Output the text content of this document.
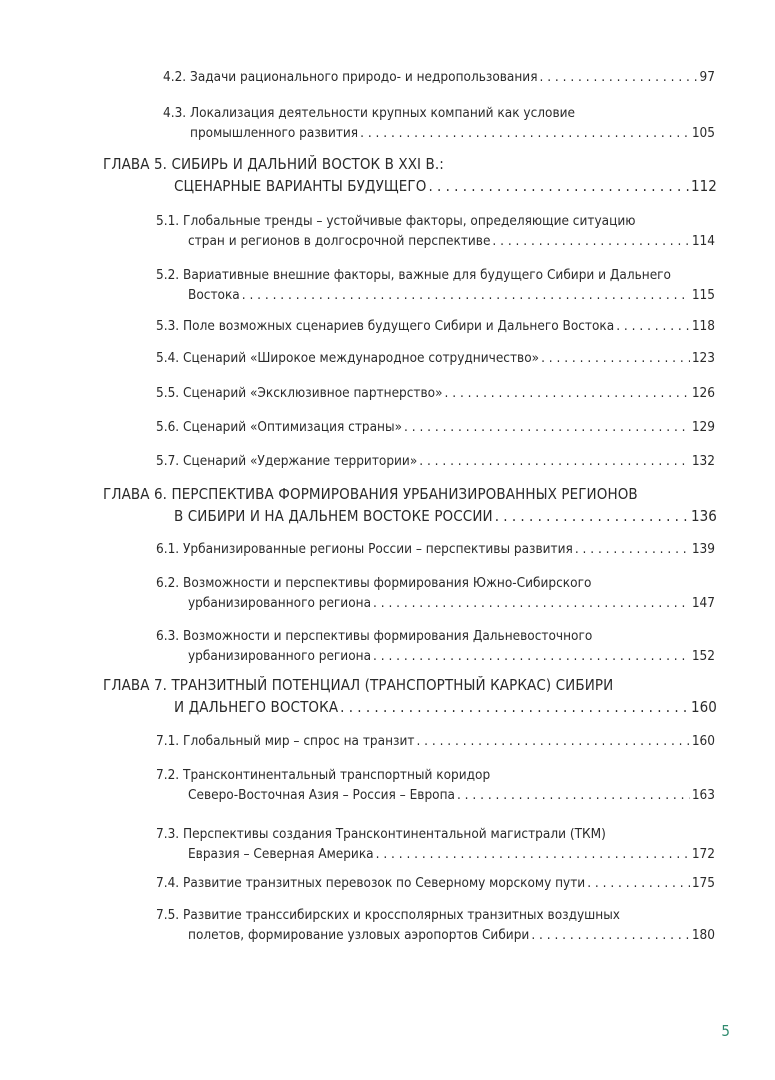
4.2. Задачи рационального природо- и недропользования . . .	97
4.3. Локализация деятельности крупных компаний как условие
промышленного развития . . .	105
ГЛАВА 5. СИБИРЬ И ДАЛЬНИЙ ВОСТОК В XXI В.:
СЦЕНАРНЫЕ ВАРИАНТЫ БУДУЩЕГО . . .	112
5.1. Глобальные тренды – устойчивые факторы, определяющие ситуацию
стран и регионов в долгосрочной перспективе . . .	114
5.2. Вариативные внешние факторы, важные для будущего Сибири и Дальнего
Востока . . .	115
5.3. Поле возможных сценариев будущего Сибири и Дальнего Востока . . .	118
5.4. Сценарий «Широкое международное сотрудничество» . . .	123
5.5. Сценарий «Эксклюзивное партнерство» . . .	126
5.6. Сценарий «Оптимизация страны» . . .	129
5.7. Сценарий «Удержание территории» . . .	132
ГЛАВА 6. ПЕРСПЕКТИВА ФОРМИРОВАНИЯ УРБАНИЗИРОВАННЫХ РЕГИОНОВ
В СИБИРИ И НА ДАЛЬНЕМ ВОСТОКЕ РОССИИ . . .	136
6.1. Урбанизированные регионы России – перспективы развития . . .	139
6.2. Возможности и перспективы формирования Южно-Сибирского
урбанизированного региона . . .	147
6.3. Возможности и перспективы формирования Дальневосточного
урбанизированного региона . . .	152
ГЛАВА 7. ТРАНЗИТНЫЙ ПОТЕНЦИАЛ (ТРАНСПОРТНЫЙ КАРКАС) СИБИРИ
И ДАЛЬНЕГО ВОСТОКА . . .	160
7.1. Глобальный мир – спрос на транзит . . .	160
7.2. Трансконтинентальный транспортный коридор
Северо-Восточная Азия – Россия – Европа . . .	163
7.3. Перспективы создания Трансконтинентальной магистрали (ТКМ)
Евразия – Северная Америка . . .	172
7.4. Развитие транзитных перевозок по Северному морскому пути . . .	175
7.5. Развитие транссибирских и кроссполярных транзитных воздушных
полетов, формирование узловых аэропортов Сибири . . .	180
5
